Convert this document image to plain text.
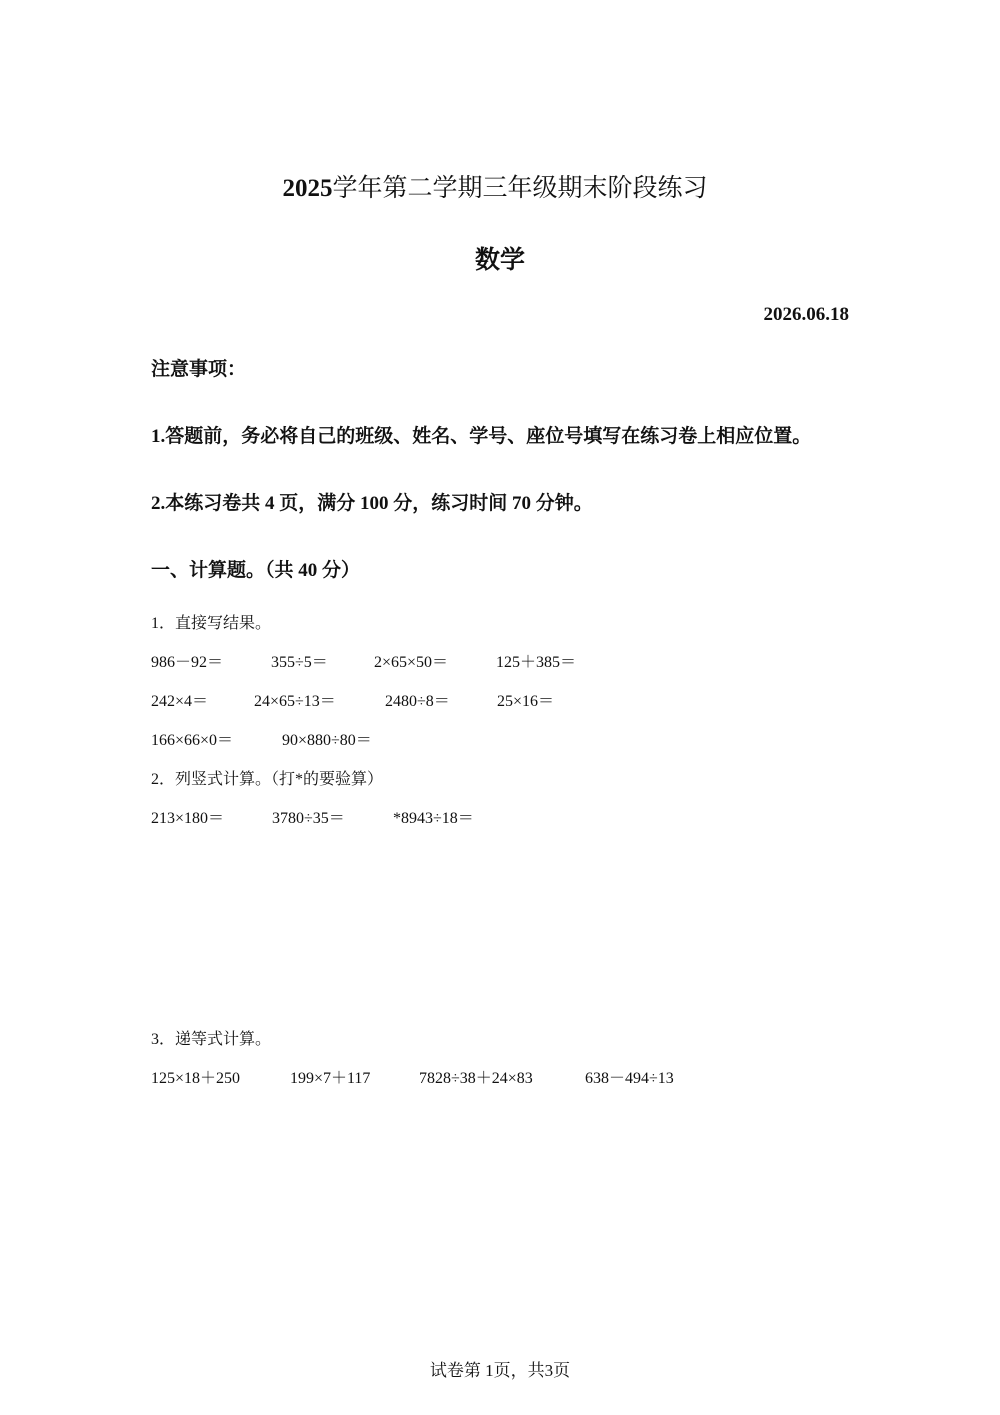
2025学年第二学期三年级期末阶段练习
数学
2026.06.18
注意事项：
1.答题前，务必将自己的班级、姓名、学号、座位号填写在练习卷上相应位置。
2.本练习卷共 4 页，满分 100 分，练习时间 70 分钟。
一、计算题。（共 40 分）
1．直接写结果。
986－92＝	355÷5＝	2×65×50＝	125＋385＝
242×4＝	24×65÷13＝	2480÷8＝	25×16＝
166×66×0＝	90×880÷80＝
2．列竖式计算。（打*的要验算）
213×180＝	3780÷35＝	*8943÷18＝
3．递等式计算。
125×18＋250	199×7＋117	7828÷38＋24×83	638－494÷13
试卷第 1页，共3页
